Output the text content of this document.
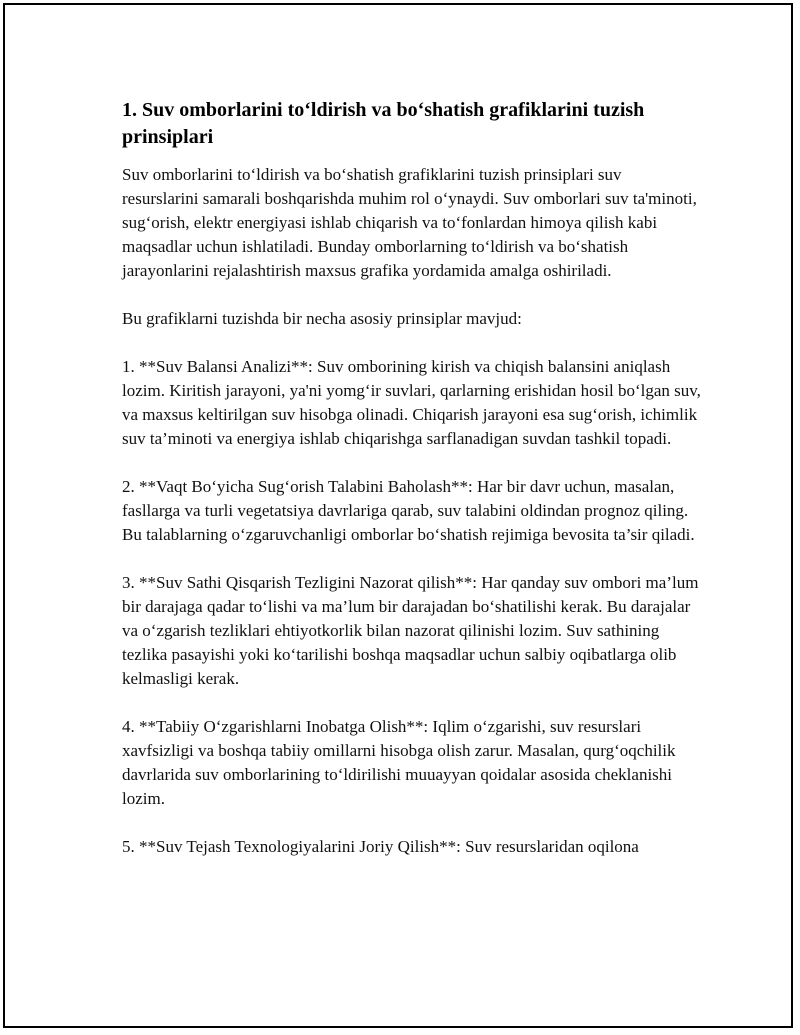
1. Suv omborlarini to‘ldirish va bo‘shatish grafiklarini tuzish prinsiplari

Suv omborlarini to‘ldirish va bo‘shatish grafiklarini tuzish prinsiplari suv resurslarini samarali boshqarishda muhim rol o‘ynaydi. Suv omborlari suv ta'minoti, sug‘orish, elektr energiyasi ishlab chiqarish va to‘fonlardan himoya qilish kabi maqsadlar uchun ishlatiladi. Bunday omborlarning to‘ldirish va bo‘shatish jarayonlarini rejalashtirish maxsus grafika yordamida amalga oshiriladi.

Bu grafiklarni tuzishda bir necha asosiy prinsiplar mavjud:

1. **Suv Balansi Analizi**: Suv omborining kirish va chiqish balansini aniqlash lozim. Kiritish jarayoni, ya'ni yomg‘ir suvlari, qarlarning erishidan hosil bo‘lgan suv, va maxsus keltirilgan suv hisobga olinadi. Chiqarish jarayoni esa sug‘orish, ichimlik suv ta’minoti va energiya ishlab chiqarishga sarflanadigan suvdan tashkil topadi.

2. **Vaqt Bo‘yicha Sug‘orish Talabini Baholash**: Har bir davr uchun, masalan, fasllarga va turli vegetatsiya davrlariga qarab, suv talabini oldindan prognoz qiling. Bu talablarning o‘zgaruvchanligi omborlar bo‘shatish rejimiga bevosita ta’sir qiladi.

3. **Suv Sathi Qisqarish Tezligini Nazorat qilish**: Har qanday suv ombori ma’lum bir darajaga qadar to‘lishi va ma’lum bir darajadan bo‘shatilishi kerak. Bu darajalar va o‘zgarish tezliklari ehtiyotkorlik bilan nazorat qilinishi lozim. Suv sathining tezlika pasayishi yoki ko‘tarilishi boshqa maqsadlar uchun salbiy oqibatlarga olib kelmasligi kerak.

4. **Tabiiy O‘zgarishlarni Inobatga Olish**: Iqlim o‘zgarishi, suv resurslari xavfsizligi va boshqa tabiiy omillarni hisobga olish zarur. Masalan, qurg‘oqchilik davrlarida suv omborlarining to‘ldirilishi muuayyan qoidalar asosida cheklanishi lozim.

5. **Suv Tejash Texnologiyalarini Joriy Qilish**: Suv resurslaridan oqilona
